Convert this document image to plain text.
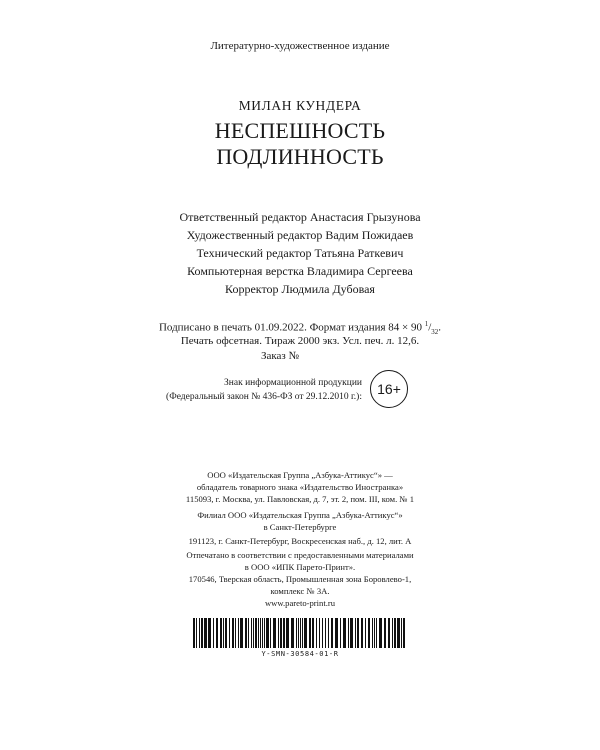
Литературно-художественное издание
МИЛАН КУНДЕРА
НЕСПЕШНОСТЬ
ПОДЛИННОСТЬ
Ответственный редактор Анастасия Грызунова
Художественный редактор Вадим Пожидаев
Технический редактор Татьяна Раткевич
Компьютерная верстка Владимира Сергеева
Корректор Людмила Дубовая
Подписано в печать 01.09.2022. Формат издания 84 × 90 $^1/_{32}$.
Печать офсетная. Тираж 2000 экз. Усл. печ. л. 12,6.
Заказ №
Знак информационной продукции
(Федеральный закон № 436-ФЗ от 29.12.2010 г.):	16+
ООО «Издательская Группа „Азбука-Аттикус“» —
обладатель товарного знака «Издательство Иностранка»
115093, г. Москва, ул. Павловская, д. 7, эт. 2, пом. III, ком. № 1
Филиал ООО «Издательская Группа „Азбука-Аттикус“»
в Санкт-Петербурге
191123, г. Санкт-Петербург, Воскресенская наб., д. 12, лит. А
Отпечатано в соответствии с предоставленными материалами
в ООО «ИПК Парето-Принт».
170546, Тверская область, Промышленная зона Боровлево-1,
комплекс № 3А.
www.pareto-print.ru
Y-SMN-30584-01-R
